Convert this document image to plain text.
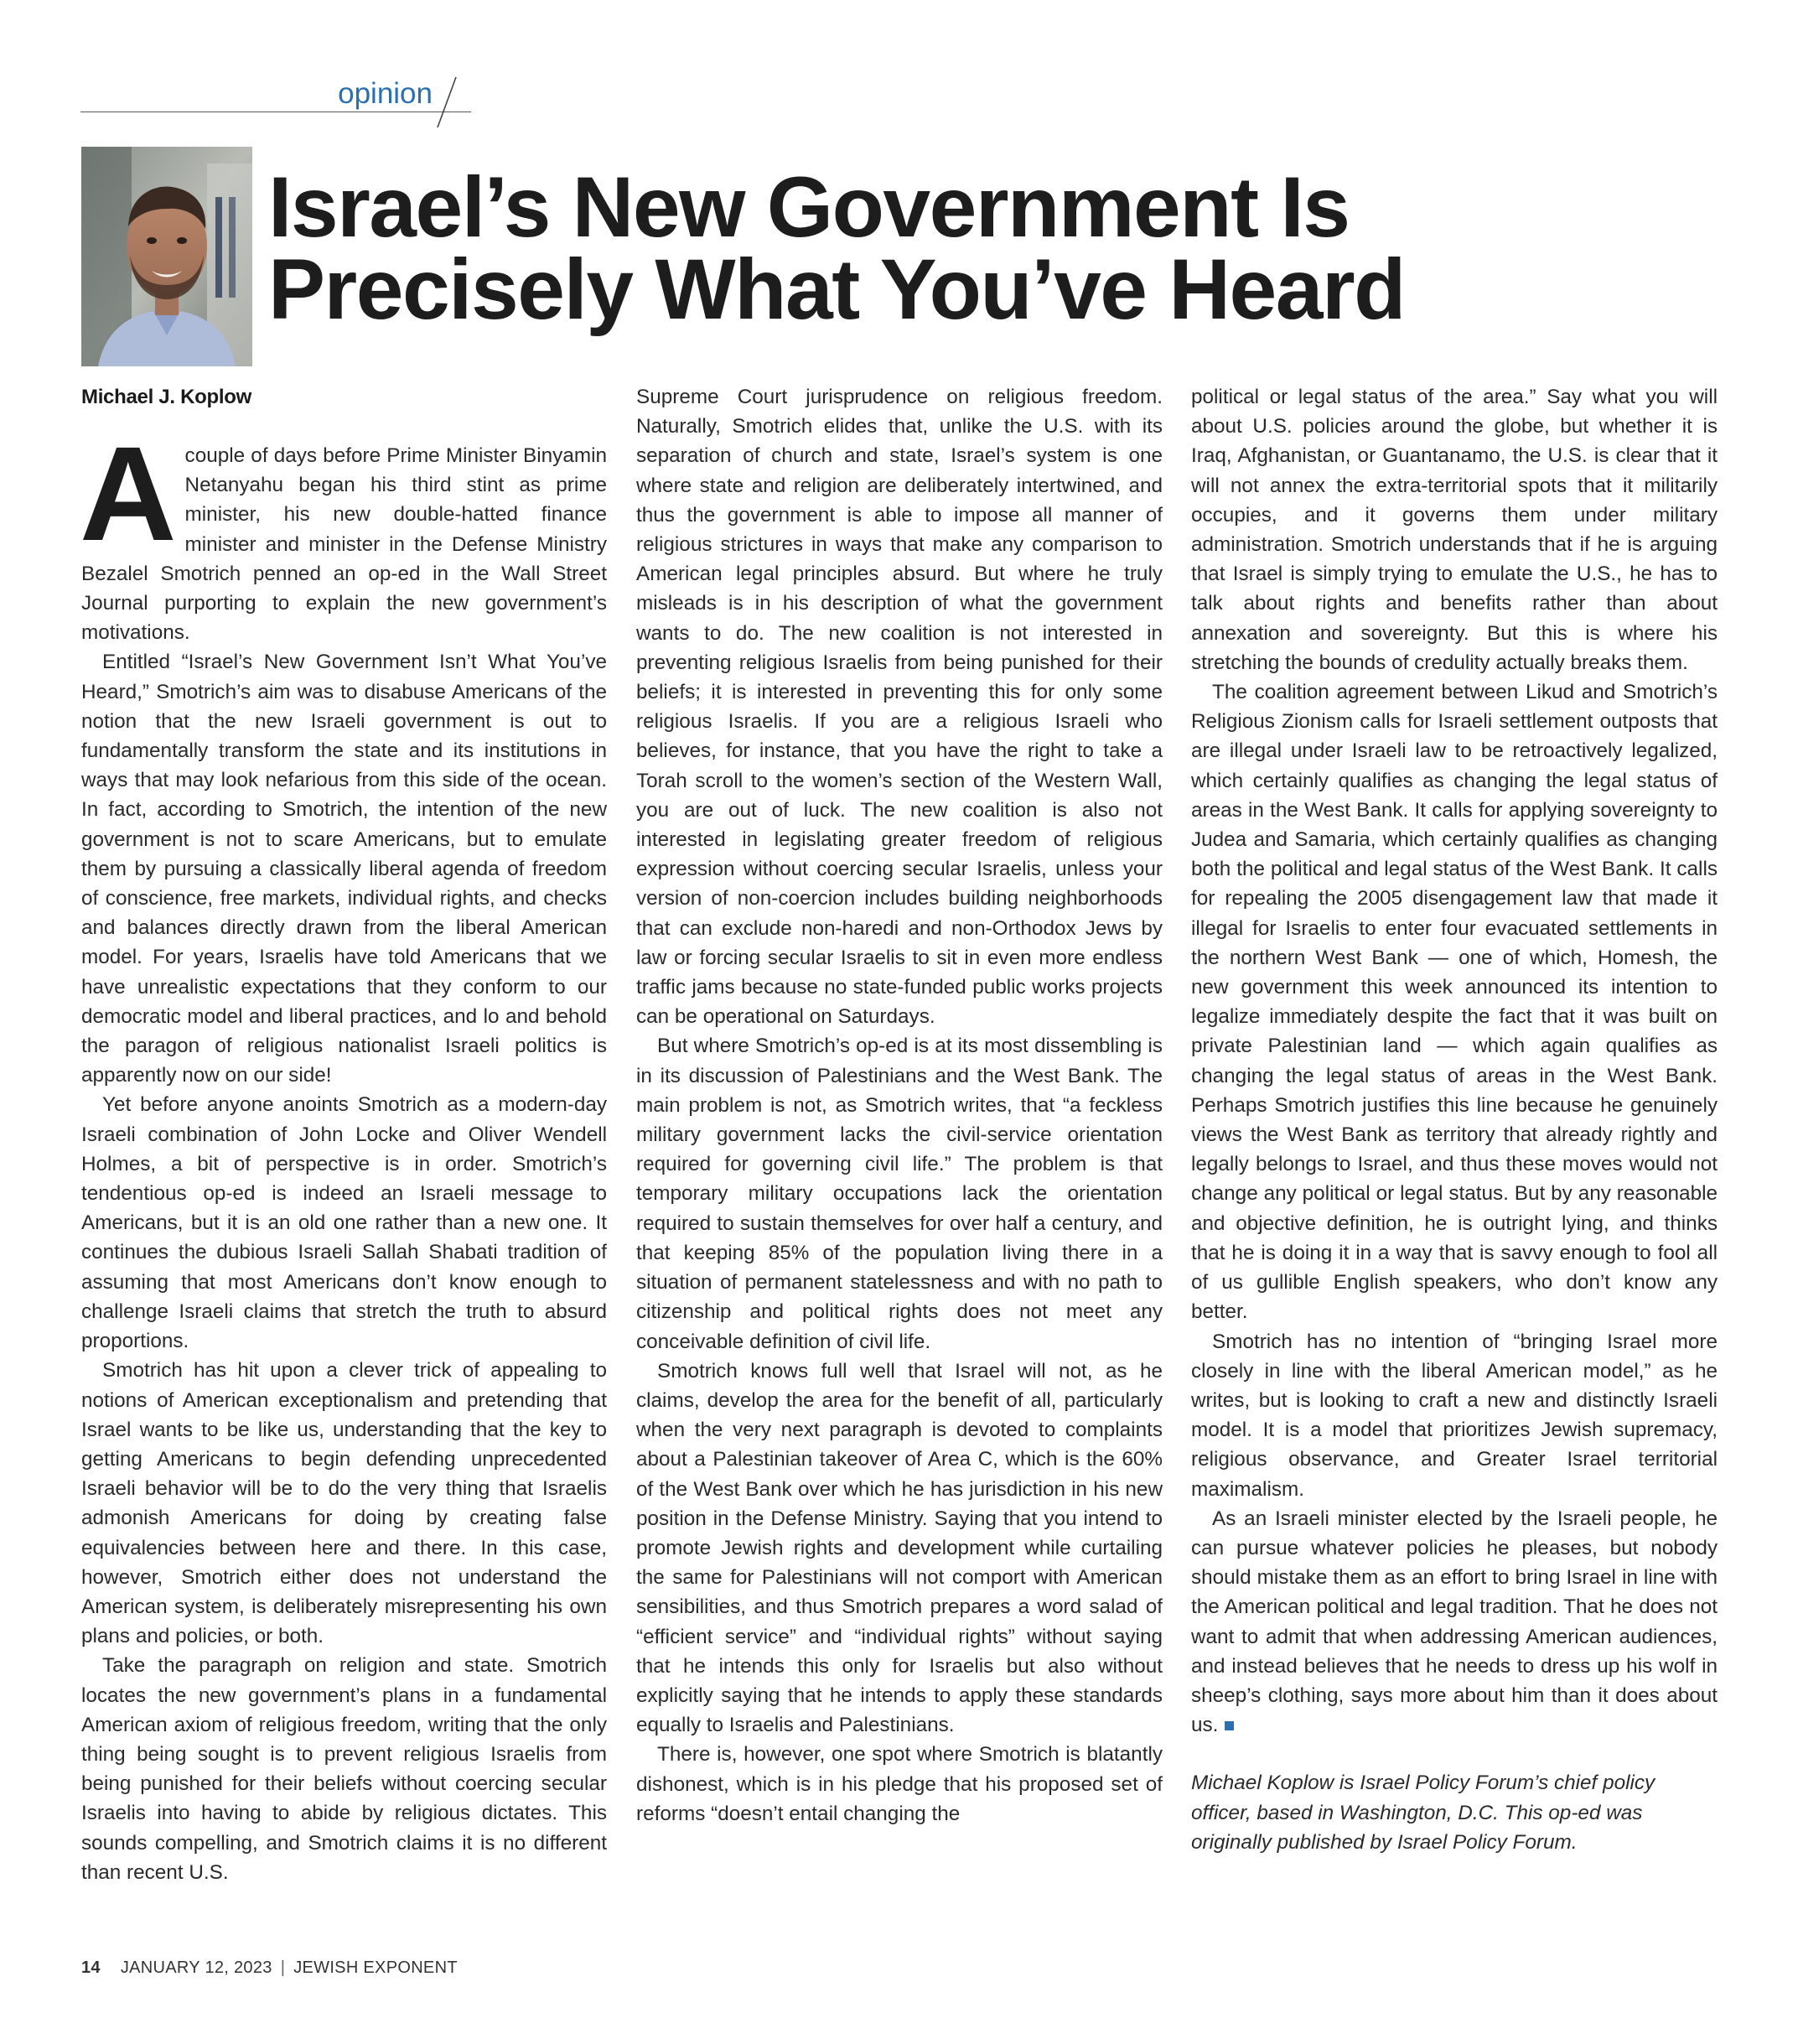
opinion
Israel’s New Government Is
Precisely What You’ve Heard
Michael J. Koplow

Acouple of days before Prime Minister Binyamin Netanyahu began his third stint as prime minister, his new double-hatted finance minister and minister in the Defense Ministry Bezalel Smotrich penned an op-ed in the Wall Street Journal purporting to explain the new government’s motivations.

Entitled “Israel’s New Government Isn’t What You’ve Heard,” Smotrich’s aim was to disabuse Americans of the notion that the new Israeli government is out to fundamentally transform the state and its institutions in ways that may look nefarious from this side of the ocean. In fact, according to Smotrich, the intention of the new government is not to scare Americans, but to emulate them by pursuing a classically liberal agenda of freedom of conscience, free markets, individual rights, and checks and balances directly drawn from the liberal American model. For years, Israelis have told Americans that we have unrealistic expectations that they conform to our democratic model and liberal practices, and lo and behold the paragon of religious nationalist Israeli politics is apparently now on our side!

Yet before anyone anoints Smotrich as a modern-day Israeli combination of John Locke and Oliver Wendell Holmes, a bit of perspective is in order. Smotrich’s tendentious op-ed is indeed an Israeli message to Americans, but it is an old one rather than a new one. It continues the dubious Israeli Sallah Shabati tradition of assuming that most Americans don’t know enough to challenge Israeli claims that stretch the truth to absurd proportions.

Smotrich has hit upon a clever trick of appealing to notions of American exceptionalism and pretending that Israel wants to be like us, understanding that the key to getting Americans to begin defending unprecedented Israeli behavior will be to do the very thing that Israelis admonish Americans for doing by creating false equivalencies between here and there. In this case, however, Smotrich either does not understand the American system, is deliberately misrepresenting his own plans and policies, or both.

Take the paragraph on religion and state. Smotrich locates the new government’s plans in a fundamental American axiom of religious freedom, writing that the only thing being sought is to prevent religious Israelis from being punished for their beliefs without coercing secular Israelis into having to abide by religious dictates. This sounds compelling, and Smotrich claims it is no different than recent U.S.

Supreme Court jurisprudence on religious freedom. Naturally, Smotrich elides that, unlike the U.S. with its separation of church and state, Israel’s system is one where state and religion are deliberately intertwined, and thus the government is able to impose all manner of religious strictures in ways that make any comparison to American legal principles absurd. But where he truly misleads is in his description of what the government wants to do. The new coalition is not interested in preventing religious Israelis from being punished for their beliefs; it is interested in preventing this for only some religious Israelis. If you are a religious Israeli who believes, for instance, that you have the right to take a Torah scroll to the women’s section of the Western Wall, you are out of luck. The new coalition is also not interested in legislating greater freedom of religious expression without coercing secular Israelis, unless your version of non-coercion includes building neighborhoods that can exclude non-haredi and non-Orthodox Jews by law or forcing secular Israelis to sit in even more endless traffic jams because no state-funded public works projects can be operational on Saturdays.

But where Smotrich’s op-ed is at its most dissembling is in its discussion of Palestinians and the West Bank. The main problem is not, as Smotrich writes, that “a feckless military government lacks the civil-service orientation required for governing civil life.” The problem is that temporary military occupations lack the orientation required to sustain themselves for over half a century, and that keeping 85% of the population living there in a situation of permanent statelessness and with no path to citizenship and political rights does not meet any conceivable definition of civil life.

Smotrich knows full well that Israel will not, as he claims, develop the area for the benefit of all, particularly when the very next paragraph is devoted to complaints about a Palestinian takeover of Area C, which is the 60% of the West Bank over which he has jurisdiction in his new position in the Defense Ministry. Saying that you intend to promote Jewish rights and development while curtailing the same for Palestinians will not comport with American sensibilities, and thus Smotrich prepares a word salad of “efficient service” and “individual rights” without saying that he intends this only for Israelis but also without explicitly saying that he intends to apply these standards equally to Israelis and Palestinians.

There is, however, one spot where Smotrich is blatantly dishonest, which is in his pledge that his proposed set of reforms “doesn’t entail changing the

political or legal status of the area.” Say what you will about U.S. policies around the globe, but whether it is Iraq, Afghanistan, or Guantanamo, the U.S. is clear that it will not annex the extra-territorial spots that it militarily occupies, and it governs them under military administration. Smotrich understands that if he is arguing that Israel is simply trying to emulate the U.S., he has to talk about rights and benefits rather than about annexation and sovereignty. But this is where his stretching the bounds of credulity actually breaks them.

The coalition agreement between Likud and Smotrich’s Religious Zionism calls for Israeli settlement outposts that are illegal under Israeli law to be retroactively legalized, which certainly qualifies as changing the legal status of areas in the West Bank. It calls for applying sovereignty to Judea and Samaria, which certainly qualifies as changing both the political and legal status of the West Bank. It calls for repealing the 2005 disengagement law that made it illegal for Israelis to enter four evacuated settlements in the northern West Bank — one of which, Homesh, the new government this week announced its intention to legalize immediately despite the fact that it was built on private Palestinian land — which again qualifies as changing the legal status of areas in the West Bank. Perhaps Smotrich justifies this line because he genuinely views the West Bank as territory that already rightly and legally belongs to Israel, and thus these moves would not change any political or legal status. But by any reasonable and objective definition, he is outright lying, and thinks that he is doing it in a way that is savvy enough to fool all of us gullible English speakers, who don’t know any better.

Smotrich has no intention of “bringing Israel more closely in line with the liberal American model,” as he writes, but is looking to craft a new and distinctly Israeli model. It is a model that prioritizes Jewish supremacy, religious observance, and Greater Israel territorial maximalism.

As an Israeli minister elected by the Israeli people, he can pursue whatever policies he pleases, but nobody should mistake them as an effort to bring Israel in line with the American political and legal tradition. That he does not want to admit that when addressing American audiences, and instead believes that he needs to dress up his wolf in sheep’s clothing, says more about him than it does about us.

Michael Koplow is Israel Policy Forum’s chief policy officer, based in Washington, D.C. This op-ed was originally published by Israel Policy Forum.

14 JANUARY 12, 2023 | JEWISH EXPONENT
